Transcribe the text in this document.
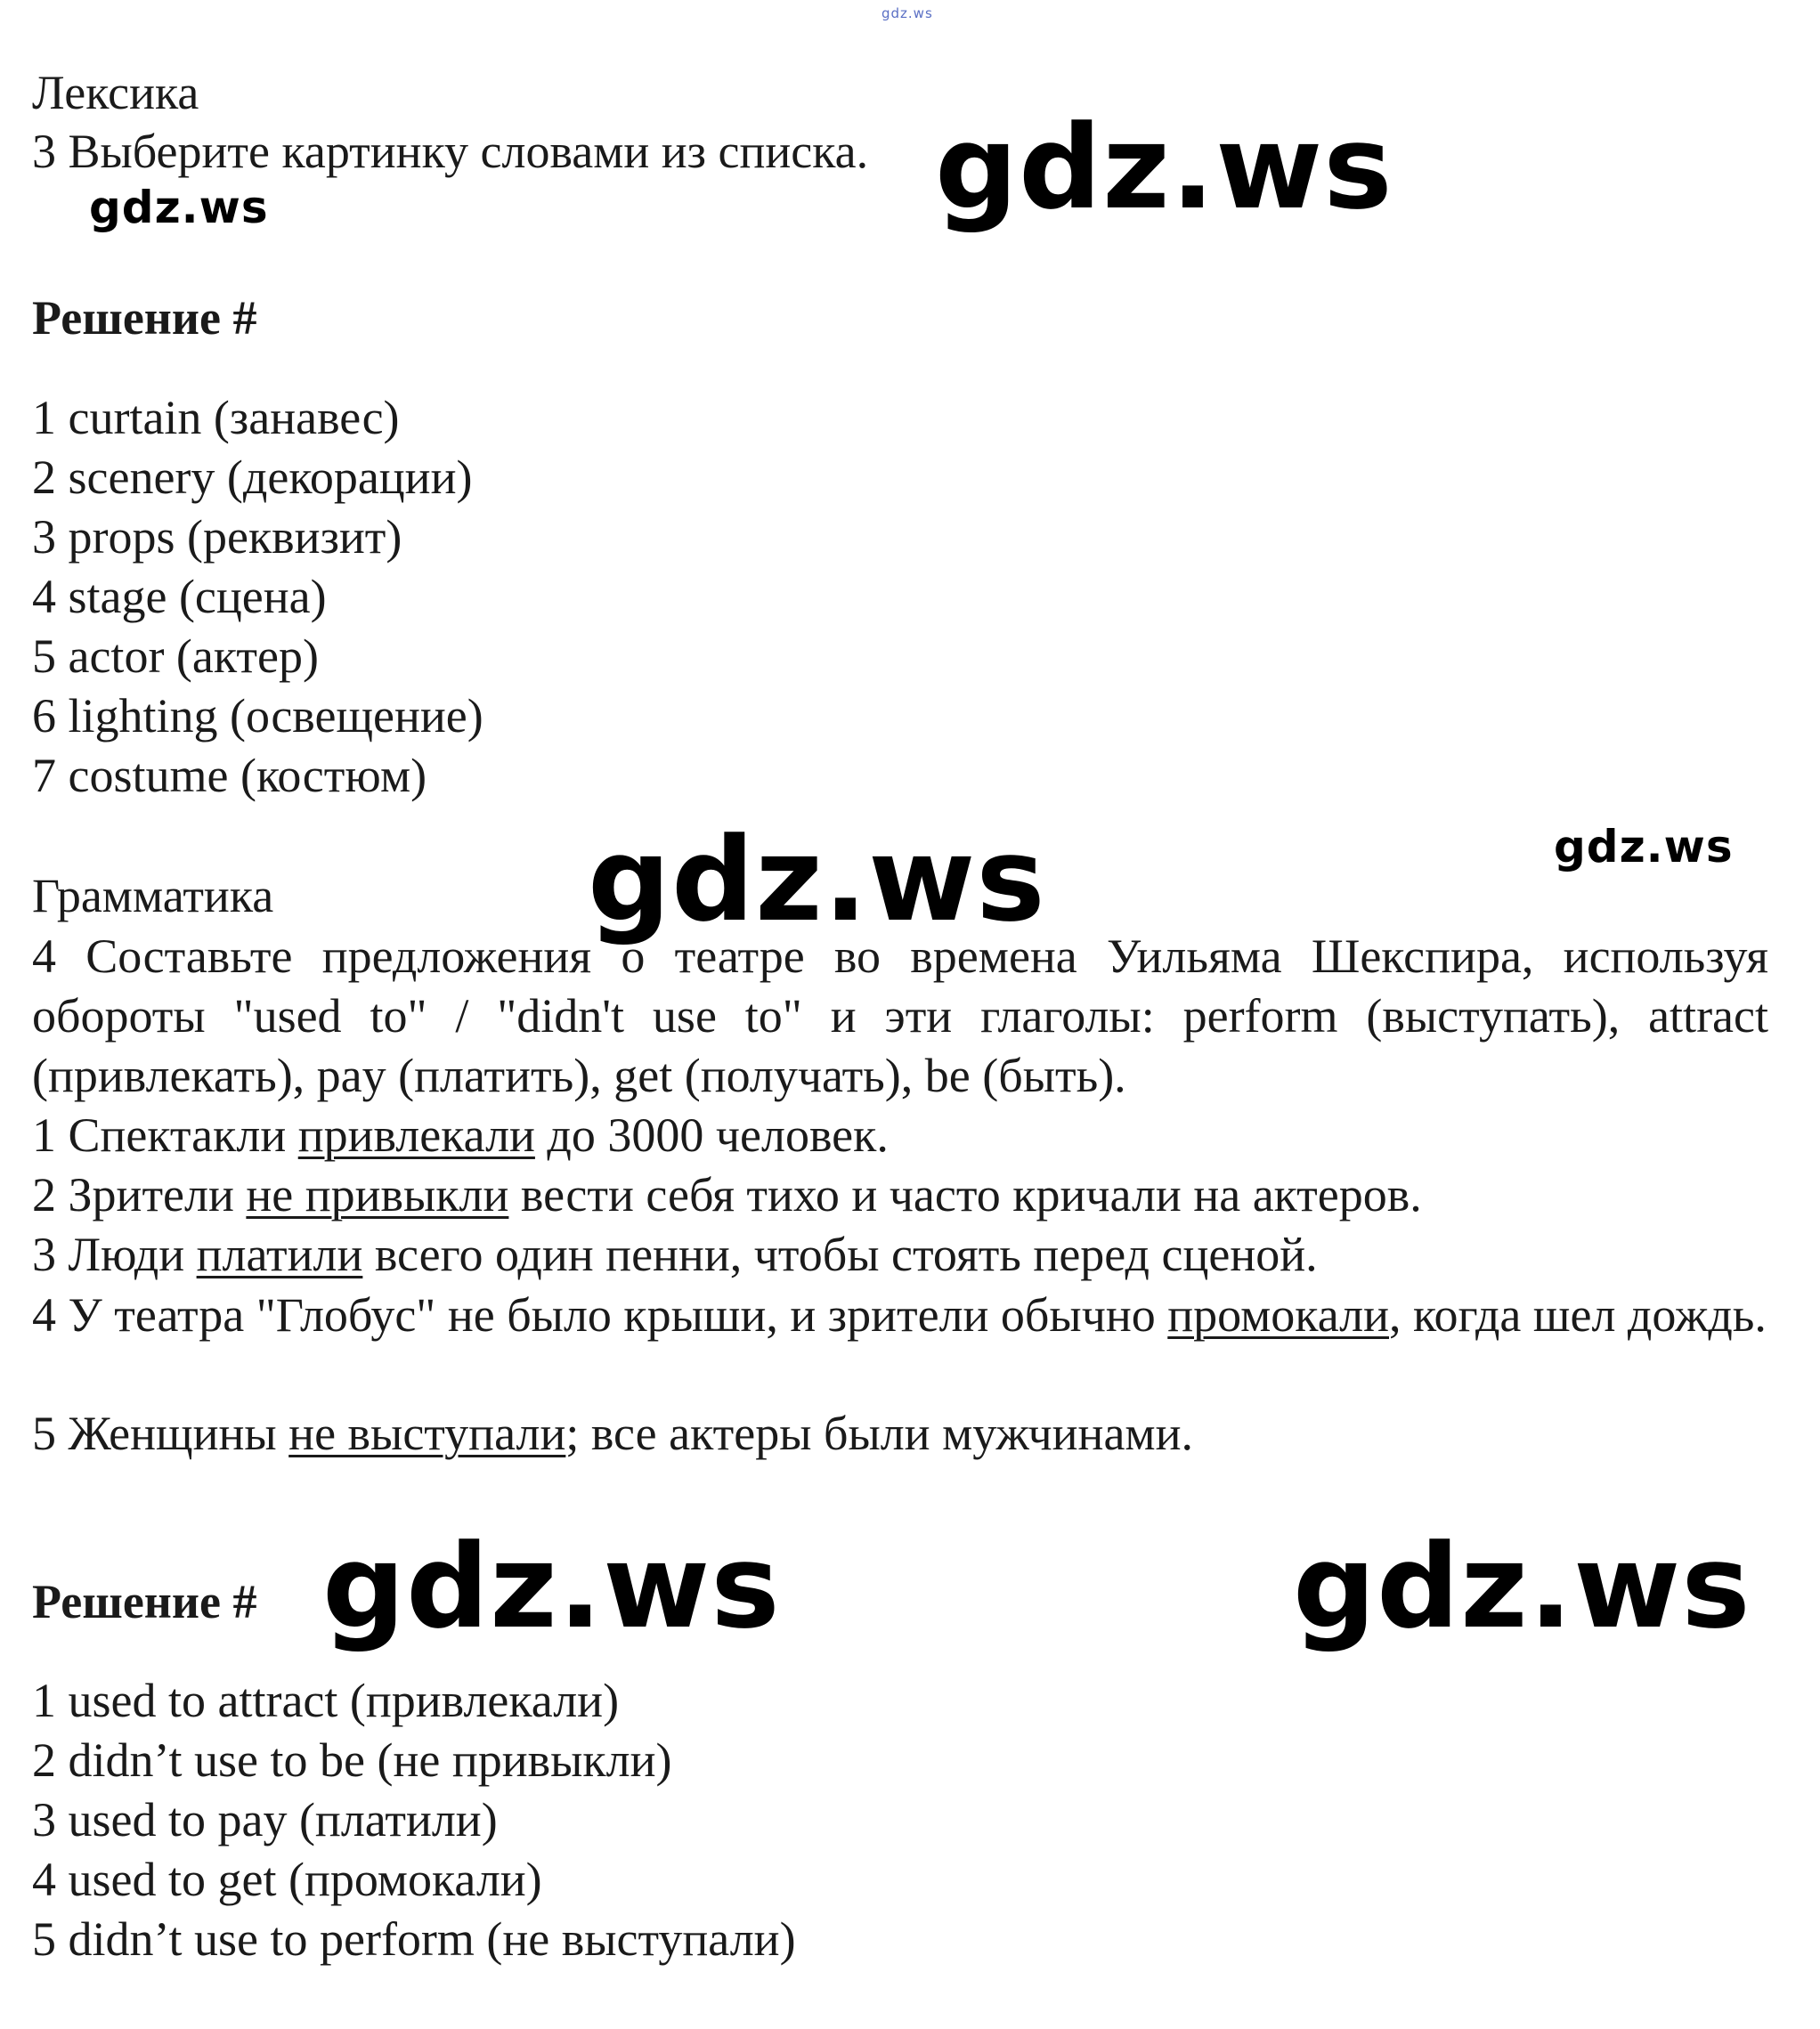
gdz.ws
Лексика
3 Выберите картинку словами из списка. gdz.ws
gdz.ws
Решение #
1 curtain (занавес)
2 scenery (декорации)
3 props (реквизит)
4 stage (сцена)
5 actor (актер)
6 lighting (освещение)
7 costume (костюм)
gdz.ws	gdz.ws
Грамматика
4 Составьте предложения о театре во времена Уильяма Шекспира, используя обороты "used to" / "didn't use to" и эти глаголы: perform (выступать), attract (привлекать), pay (платить), get (получать), be (быть).
1 Спектакли привлекали до 3000 человек.
2 Зрители не привыкли вести себя тихо и часто кричали на актеров.
3 Люди платили всего один пенни, чтобы стоять перед сценой.
4 У театра "Глобус" не было крыши, и зрители обычно промокали, когда шел дождь.
5 Женщины не выступали; все актеры были мужчинами.
Решение # gdz.ws	gdz.ws
1 used to attract (привлекали)
2 didn’t use to be (не привыкли)
3 used to pay (платили)
4 used to get (промокали)
5 didn’t use to perform (не выступали)
